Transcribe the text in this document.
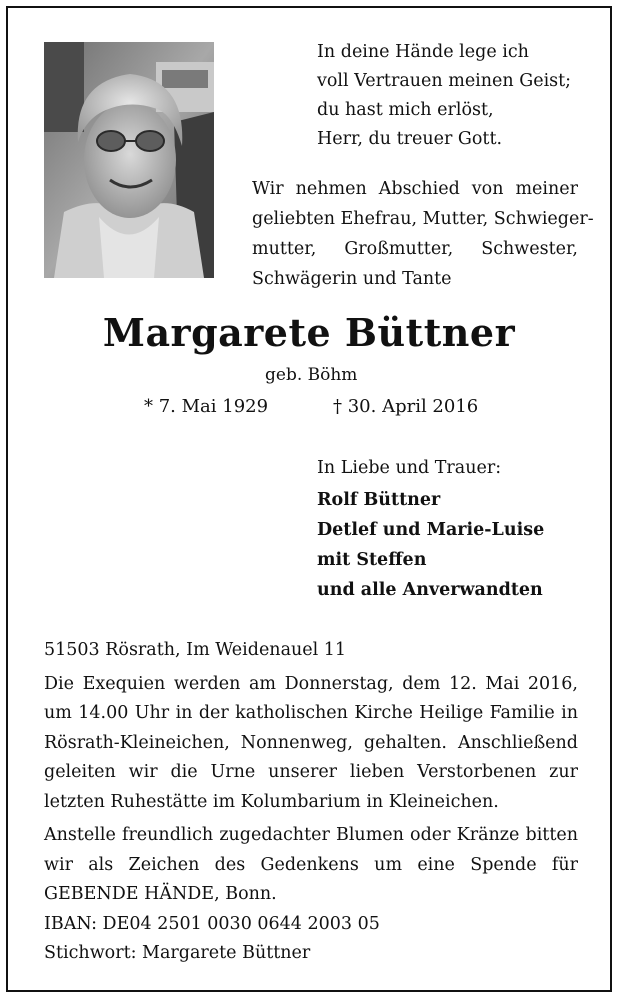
In deine Hände lege ich
voll Vertrauen meinen Geist;
du hast mich erlöst,
Herr, du treuer Gott.
Wir nehmen Abschied von meiner
geliebten Ehefrau, Mutter, Schwieger-
mutter, Großmutter, Schwester,
Schwägerin und Tante
Margarete Büttner
geb. Böhm
* 7. Mai 1929	† 30. April 2016
In Liebe und Trauer:
Rolf Büttner
Detlef und Marie-Luise
mit Steffen
und alle Anverwandten
51503 Rösrath, Im Weidenauel 11
Die Exequien werden am Donnerstag, dem 12. Mai 2016,
um 14.00 Uhr in der katholischen Kirche Heilige Familie in
Rösrath-Kleineichen, Nonnenweg, gehalten. Anschließend
geleiten wir die Urne unserer lieben Verstorbenen zur
letzten Ruhestätte im Kolumbarium in Kleineichen.
Anstelle freundlich zugedachter Blumen oder Kränze bitten
wir als Zeichen des Gedenkens um eine Spende für
GEBENDE HÄNDE, Bonn.
IBAN: DE04 2501 0030 0644 2003 05
Stichwort: Margarete Büttner
